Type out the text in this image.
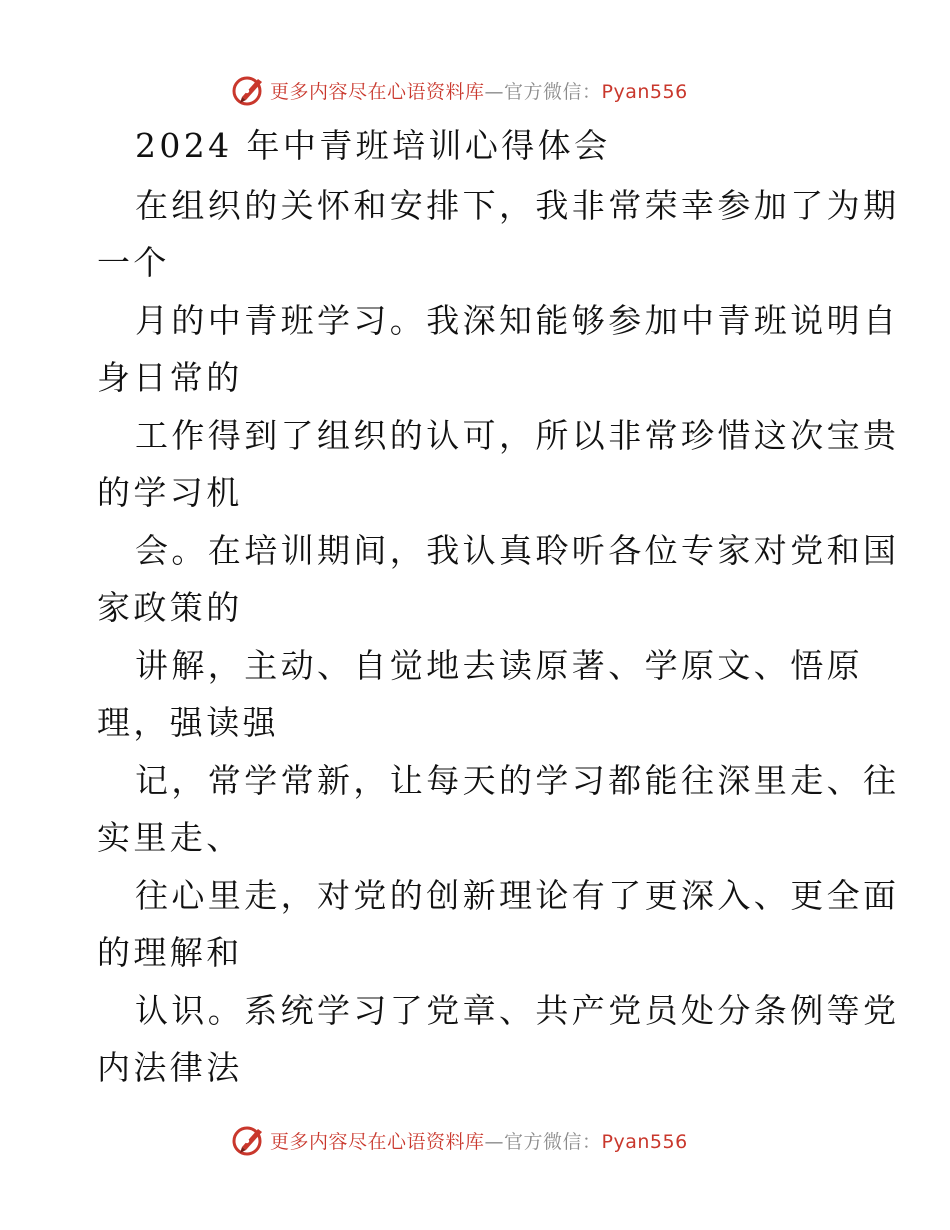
更多内容尽在心语资料库—官方微信：Pyan556
2024 年中青班培训心得体会
在组织的关怀和安排下，我非常荣幸参加了为期
一个
月的中青班学习。我深知能够参加中青班说明自
身日常的
工作得到了组织的认可，所以非常珍惜这次宝贵
的学习机
会。在培训期间，我认真聆听各位专家对党和国
家政策的
讲解，主动、自觉地去读原著、学原文、悟原
理，强读强
记，常学常新，让每天的学习都能往深里走、往
实里走、
往心里走，对党的创新理论有了更深入、更全面
的理解和
认识。系统学习了党章、共产党员处分条例等党
内法律法
更多内容尽在心语资料库—官方微信：Pyan556
